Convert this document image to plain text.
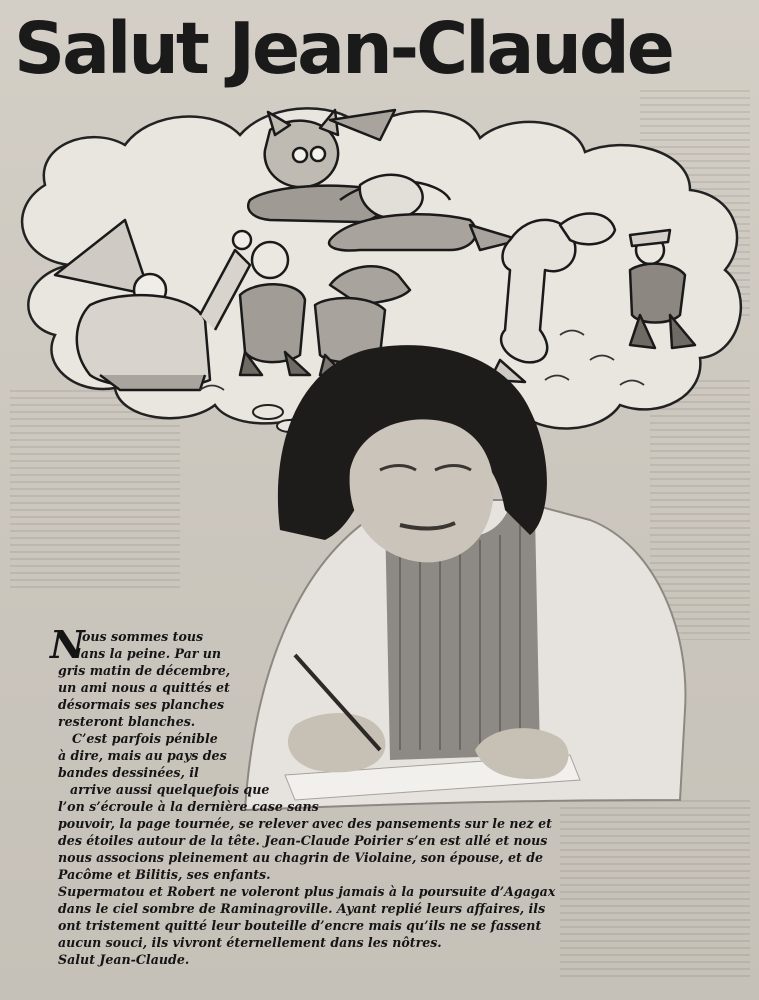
Salut Jean-Claude
N
ous sommes tous
dans la peine. Par un
gris matin de décembre,
un ami nous a quittés et
désormais ses planches
resteront blanches.
C’est parfois pénible
à dire, mais au pays des
bandes dessinées, il
arrive aussi quelquefois que
l’on s’écroule à la dernière case sans
pouvoir, la page tournée, se relever avec des pansements sur le nez et
des étoiles autour de la tête. Jean-Claude Poirier s’en est allé et nous
nous associons pleinement au chagrin de Violaine, son épouse, et de
Pacôme et Bilitis, ses enfants.
Supermatou et Robert ne voleront plus jamais à la poursuite d’Agagax
dans le ciel sombre de Raminagroville. Ayant replié leurs affaires, ils
ont tristement quitté leur bouteille d’encre mais qu’ils ne se fassent
aucun souci, ils vivront éternellement dans les nôtres.
Salut Jean-Claude.
